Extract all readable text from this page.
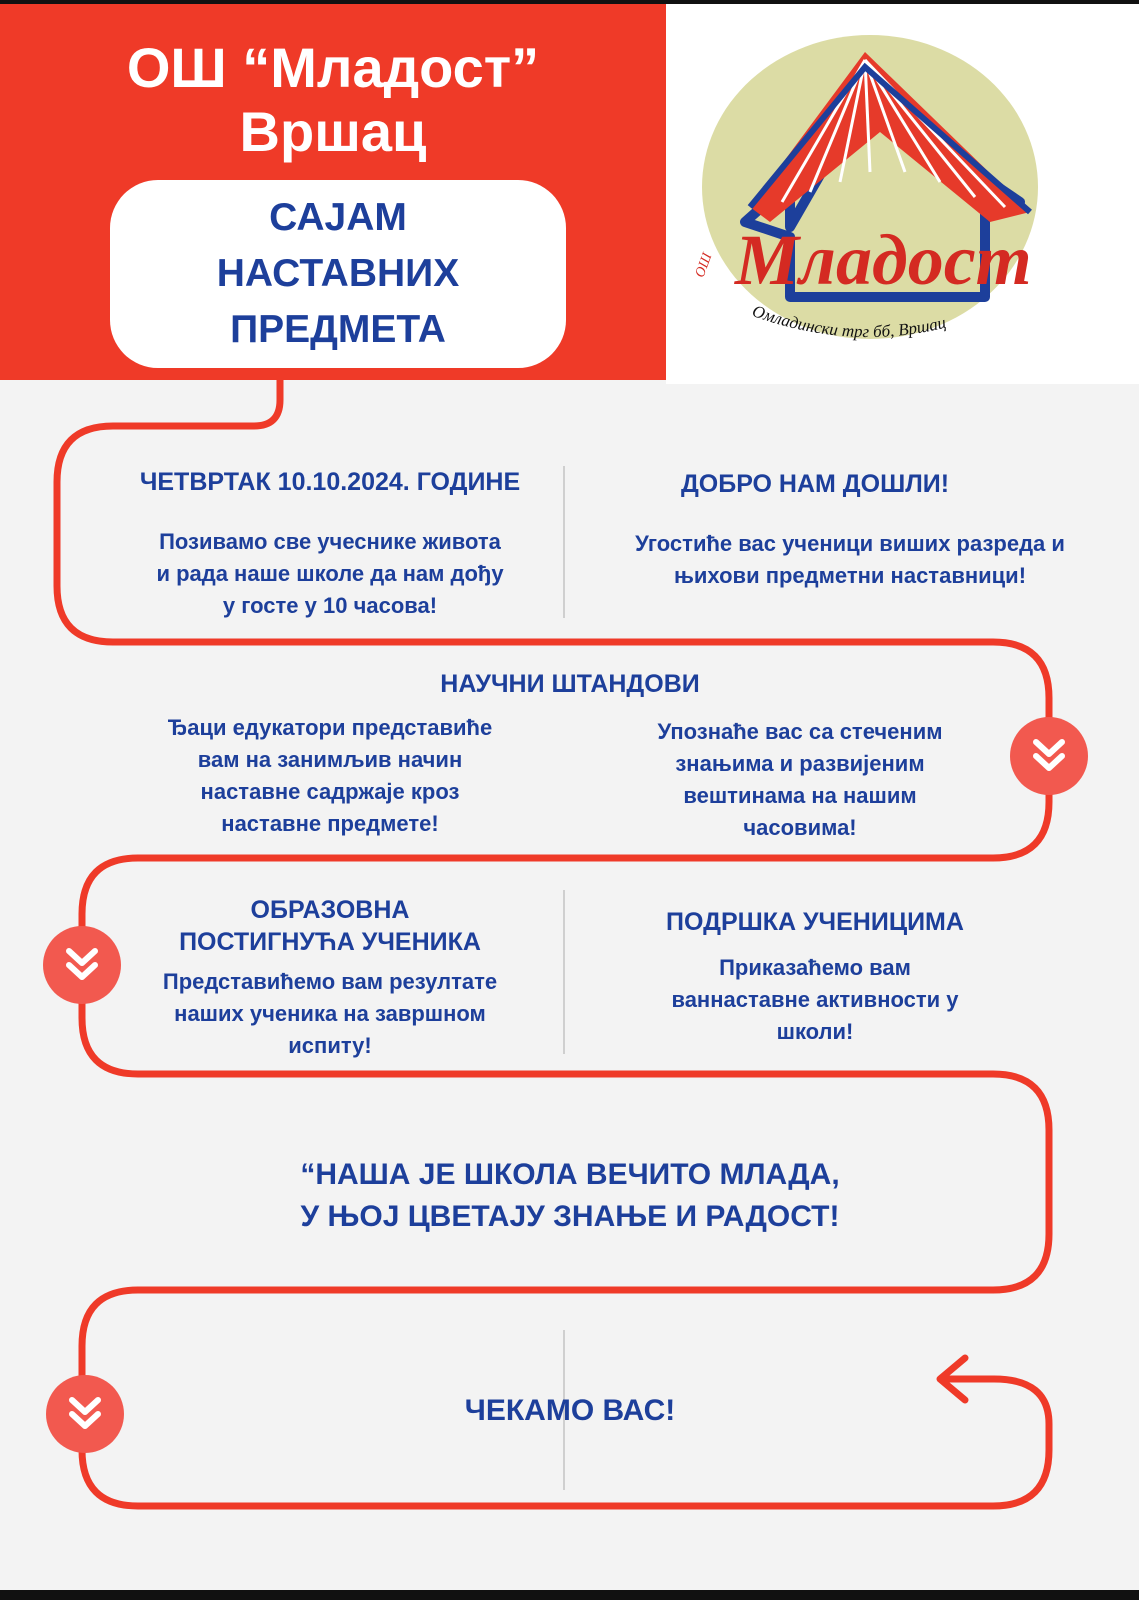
ОШ “Младост”
Вршац
САЈАМ
НАСТАВНИХ
ПРЕДМЕТА
Младост
ОШ
Омладински трг бб, Вршац
ЧЕТВРТАК 10.10.2024. ГОДИНЕ
Позивамо све учеснике живота
и рада наше школе да нам дођу
у госте у 10 часова!
ДОБРО НАМ ДОШЛИ!
Угостиће вас ученици виших разреда и
њихови предметни наставници!
НАУЧНИ ШТАНДОВИ
Ђаци едукатори представиће
вам на занимљив начин
наставне садржаје кроз
наставне предмете!
Упознаће вас са стеченим
знањима и развијеним
вештинама на нашим
часовима!
ОБРАЗОВНА
ПОСТИГНУЋА УЧЕНИКА
Представићемо вам резултате
наших ученика на завршном
испиту!
ПОДРШКА УЧЕНИЦИМА
Приказаћемо вам
ваннаставне активности у
школи!
“НАША ЈЕ ШКОЛА ВЕЧИТО МЛАДА,
У ЊОЈ ЦВЕТАЈУ ЗНАЊЕ И РАДОСТ!
ЧЕКАМО ВАС!
